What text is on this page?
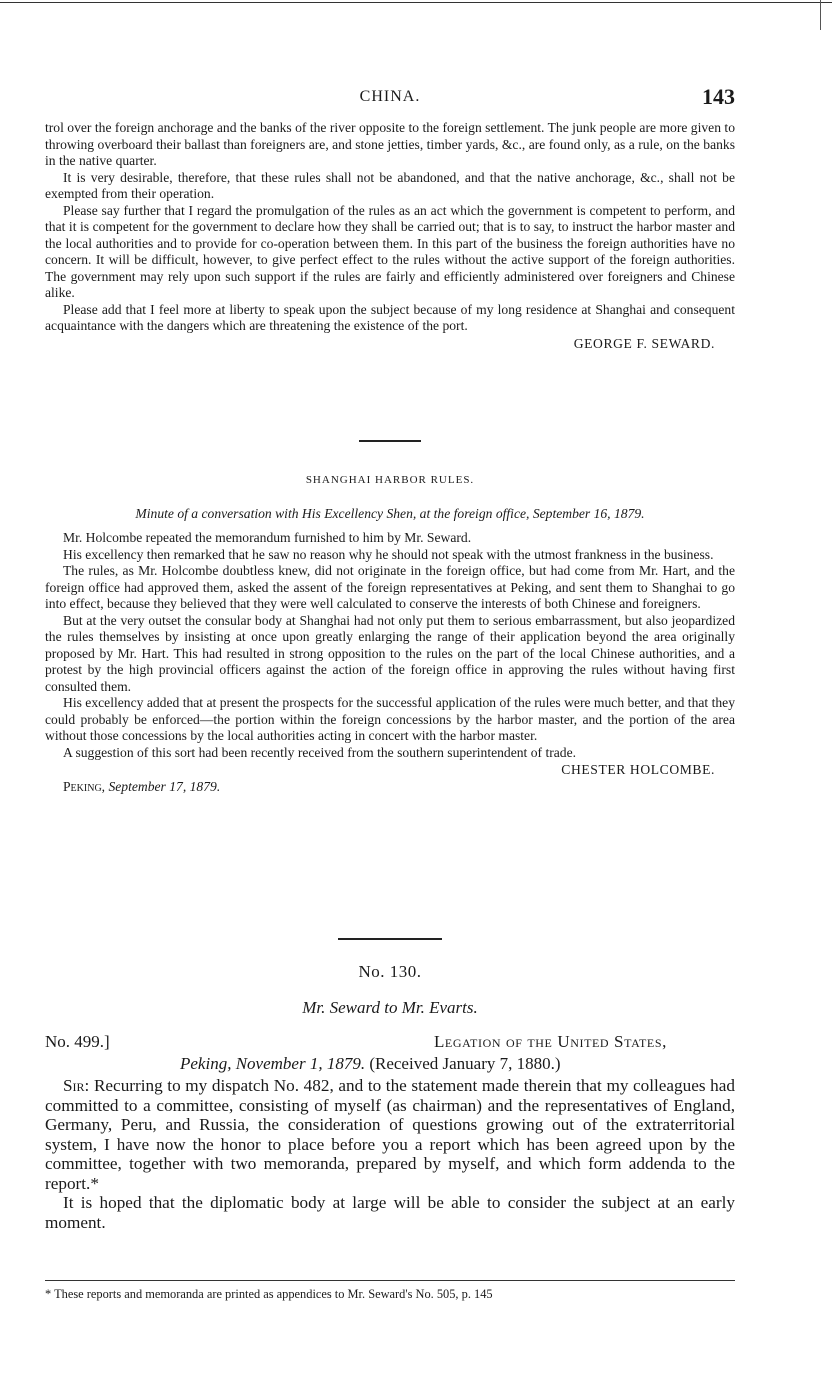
CHINA.	143

trol over the foreign anchorage and the banks of the river opposite to the foreign settlement. The junk people are more given to throwing overboard their ballast than foreigners are, and stone jetties, timber yards, &c., are found only, as a rule, on the banks in the native quarter.

It is very desirable, therefore, that these rules shall not be abandoned, and that the native anchorage, &c., shall not be exempted from their operation.

Please say further that I regard the promulgation of the rules as an act which the government is competent to perform, and that it is competent for the government to declare how they shall be carried out; that is to say, to instruct the harbor master and the local authorities and to provide for co-operation between them. In this part of the business the foreign authorities have no concern. It will be difficult, however, to give perfect effect to the rules without the active support of the foreign authorities. The government may rely upon such support if the rules are fairly and efficiently administered over foreigners and Chinese alike.

Please add that I feel more at liberty to speak upon the subject because of my long residence at Shanghai and consequent acquaintance with the dangers which are threatening the existence of the port.

GEORGE F. SEWARD.
SHANGHAI HARBOR RULES.
Minute of a conversation with His Excellency Shen, at the foreign office, September 16, 1879.

Mr. Holcombe repeated the memorandum furnished to him by Mr. Seward.

His excellency then remarked that he saw no reason why he should not speak with the utmost frankness in the business.

The rules, as Mr. Holcombe doubtless knew, did not originate in the foreign office, but had come from Mr. Hart, and the foreign office had approved them, asked the assent of the foreign representatives at Peking, and sent them to Shanghai to go into effect, because they believed that they were well calculated to conserve the interests of both Chinese and foreigners.

But at the very outset the consular body at Shanghai had not only put them to serious embarrassment, but also jeopardized the rules themselves by insisting at once upon greatly enlarging the range of their application beyond the area originally proposed by Mr. Hart. This had resulted in strong opposition to the rules on the part of the local Chinese authorities, and a protest by the high provincial officers against the action of the foreign office in approving the rules without having first consulted them.

His excellency added that at present the prospects for the successful application of the rules were much better, and that they could probably be enforced—the portion within the foreign concessions by the harbor master, and the portion of the area without those concessions by the local authorities acting in concert with the harbor master.

A suggestion of this sort had been recently received from the southern superintendent of trade.

CHESTER HOLCOMBE.
Peking, September 17, 1879.
No. 130.
Mr. Seward to Mr. Evarts.
No. 499.]	Legation of the United States,
Peking, November 1, 1879. (Received January 7, 1880.)

Sir: Recurring to my dispatch No. 482, and to the statement made therein that my colleagues had committed to a committee, consisting of myself (as chairman) and the representatives of England, Germany, Peru, and Russia, the consideration of questions growing out of the extraterritorial system, I have now the honor to place before you a report which has been agreed upon by the committee, together with two memoranda, prepared by myself, and which form addenda to the report.*

It is hoped that the diplomatic body at large will be able to consider the subject at an early moment.

* These reports and memoranda are printed as appendices to Mr. Seward's No. 505, p. 145
